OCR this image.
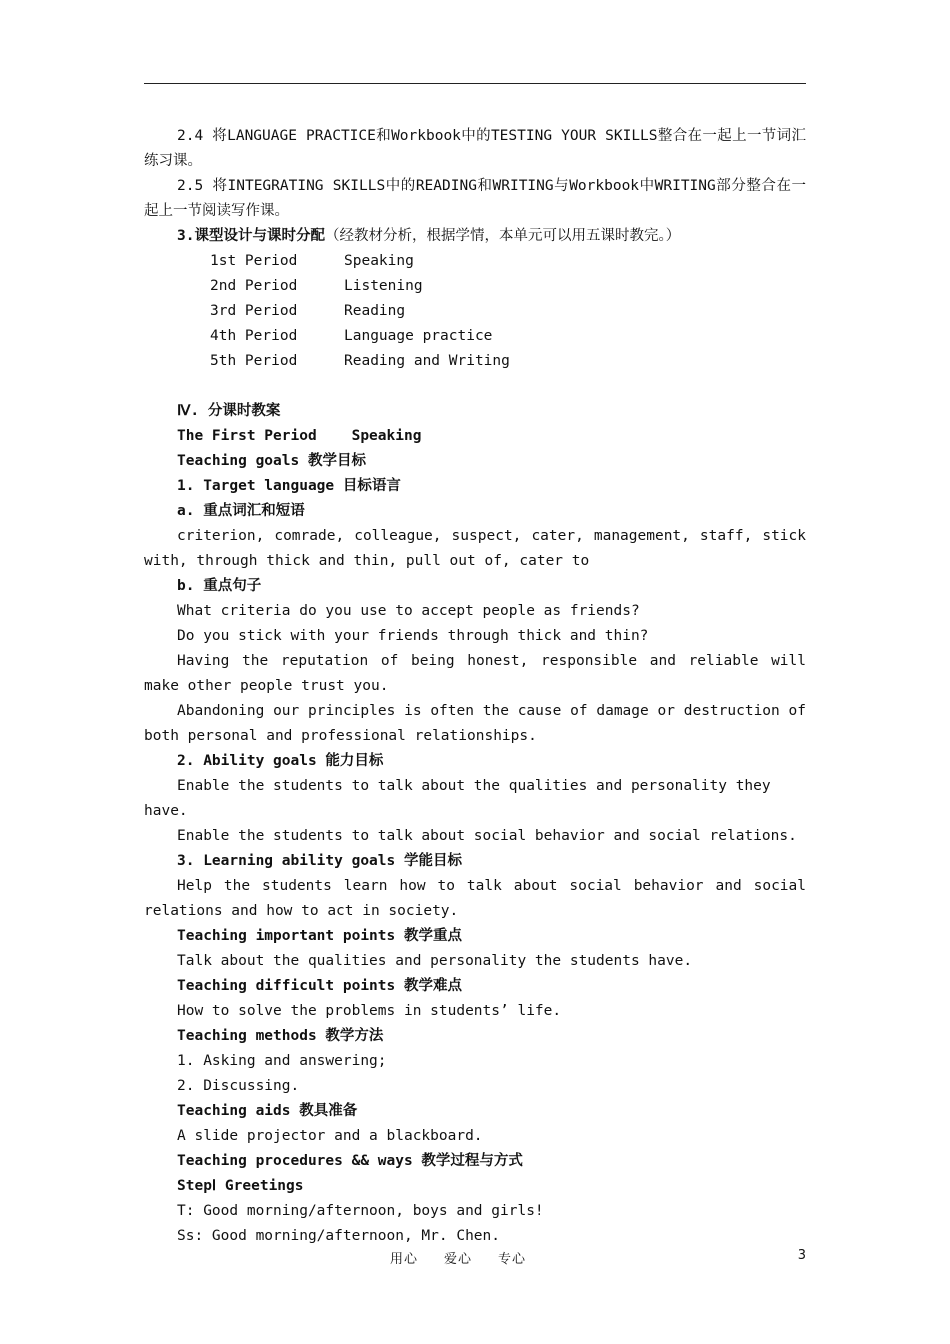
2.4 将LANGUAGE PRACTICE和Workbook中的TESTING YOUR SKILLS整合在一起上一节词汇练习课。

2.5 将INTEGRATING SKILLS中的READING和WRITING与Workbook中WRITING部分整合在一起上一节阅读写作课。

3.课型设计与课时分配（经教材分析，根据学情，本单元可以用五课时教完。）

1st Period	Speaking
2nd Period	Listening
3rd Period	Reading
4th Period	Language practice
5th Period	Reading and Writing

Ⅳ. 分课时教案

The First Period    Speaking

Teaching goals 教学目标

1. Target language 目标语言

a. 重点词汇和短语

criterion, comrade, colleague, suspect, cater, management, staff, stick with, through thick and thin, pull out of, cater to

b. 重点句子

What criteria do you use to accept people as friends?

Do you stick with your friends through thick and thin?

Having the reputation of being honest, responsible and reliable will make other people trust you.

Abandoning our principles is often the cause of damage or destruction of both personal and professional relationships.

2. Ability goals 能力目标

Enable the students to talk about the qualities and personality they have.

Enable the students to talk about social behavior and social relations.

3. Learning ability goals 学能目标

Help the students learn how to talk about social behavior and social relations and how to act in society.

Teaching important points 教学重点

Talk about the qualities and personality the students have.

Teaching difficult points 教学难点

How to solve the problems in students’ life.

Teaching methods 教学方法

1. Asking and answering;

2. Discussing.

Teaching aids 教具准备

A slide projector and a blackboard.

Teaching procedures && ways 教学过程与方式

StepⅠ Greetings

T: Good morning/afternoon, boys and girls!

Ss: Good morning/afternoon, Mr. Chen.

用心 爱心 专心	3
